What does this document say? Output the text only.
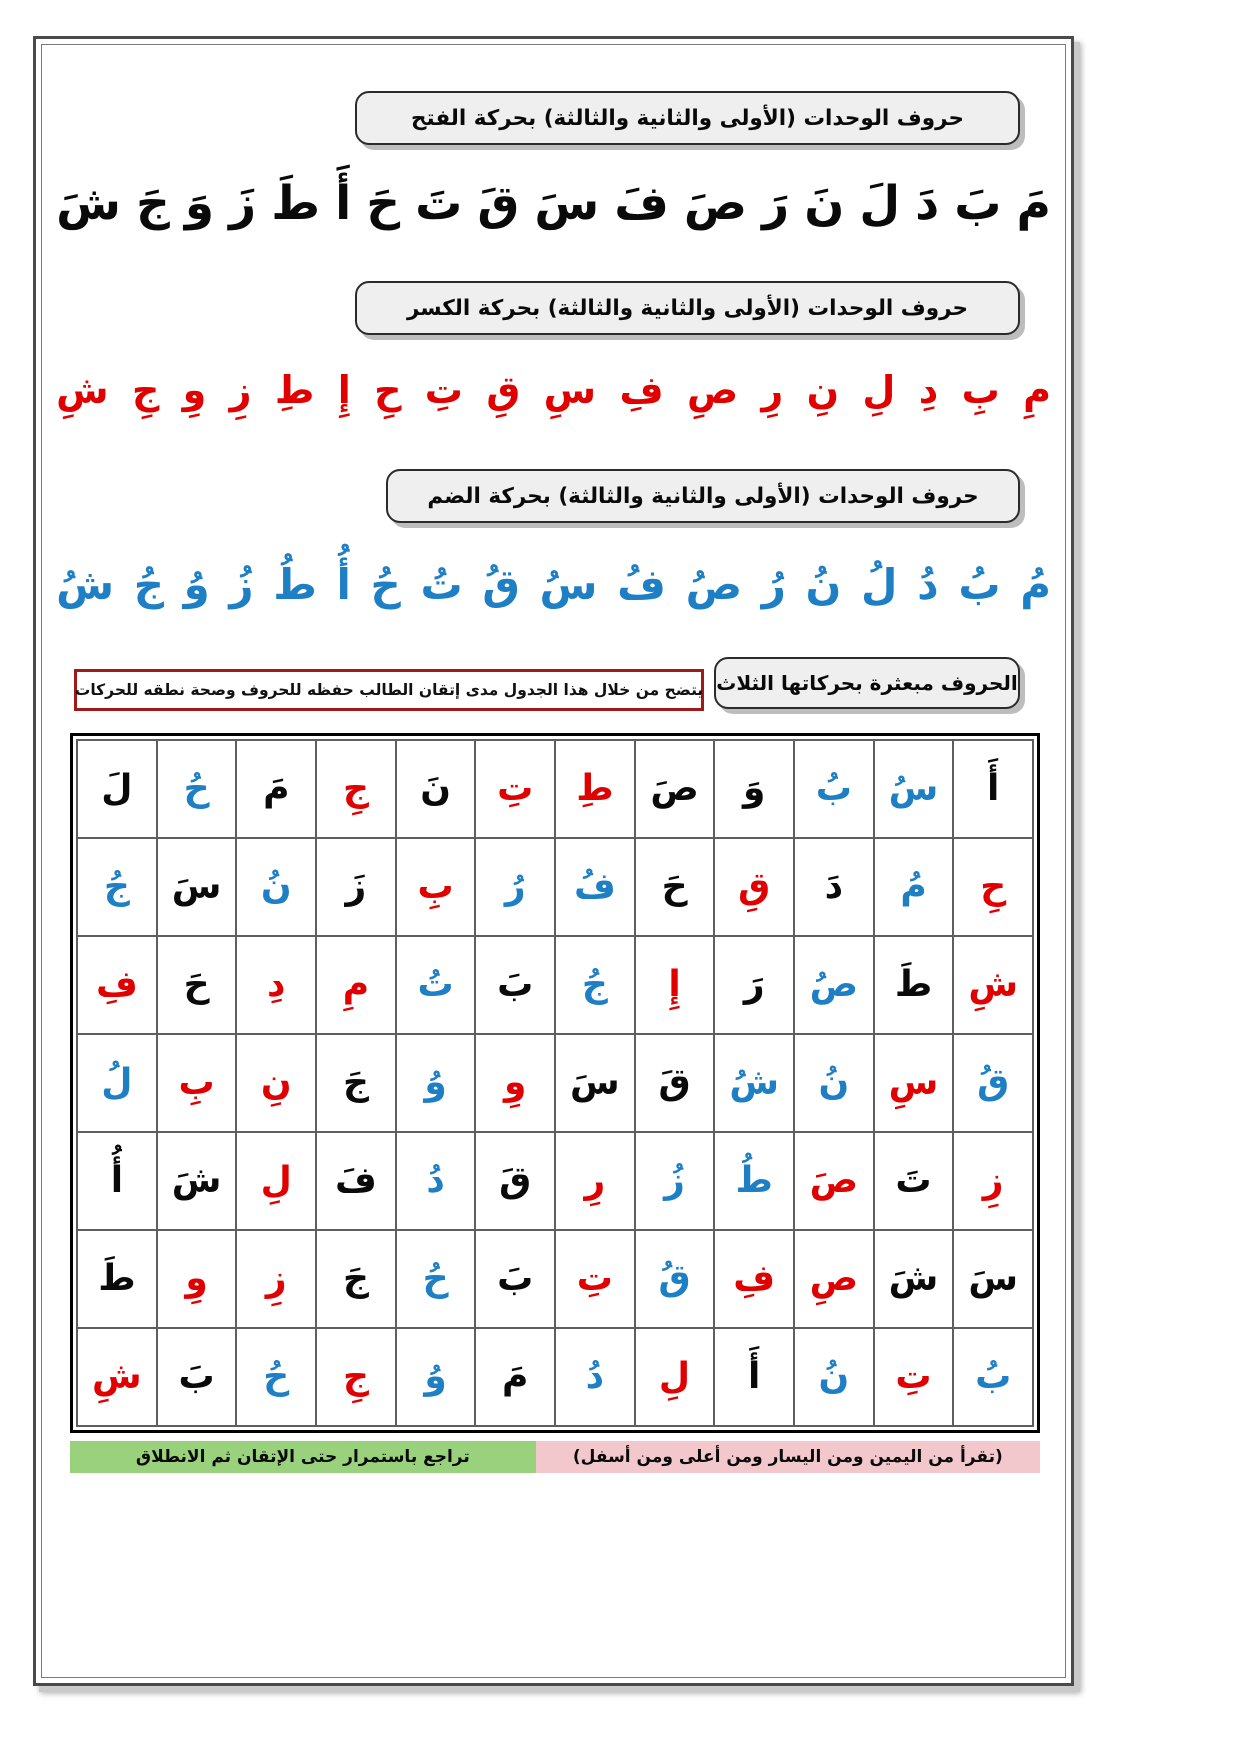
حروف الوحدات (الأولى والثانية والثالثة) بحركة الفتح
مَ
بَ
دَ
لَ
نَ
رَ
صَ
فَ
سَ
قَ
تَ
حَ
أَ
طَ
زَ
وَ
جَ
شَ
حروف الوحدات (الأولى والثانية والثالثة) بحركة الكسر
مِ
بِ
دِ
لِ
نِ
رِ
صِ
فِ
سِ
قِ
تِ
حِ
إِ
طِ
زِ
وِ
جِ
شِ
حروف الوحدات (الأولى والثانية والثالثة) بحركة الضم
مُ
بُ
دُ
لُ
نُ
رُ
صُ
فُ
سُ
قُ
تُ
حُ
أُ
طُ
زُ
وُ
جُ
شُ
الحروف مبعثرة بحركاتها الثلاث
يتضح من خلال هذا الجدول مدى إتقان الطالب حفظه للحروف وصحة نطقه للحركات
أَ	سُ	بُ	وَ	صَ	طِ	تِ	نَ	جِ	مَ	حُ	لَ
حِ	مُ	دَ	قِ	حَ	فُ	رُ	بِ	زَ	نُ	سَ	جُ
شِ	طَ	صُ	رَ	إِ	جُ	بَ	تُ	مِ	دِ	حَ	فِ
قُ	سِ	نُ	شُ	قَ	سَ	وِ	وُ	جَ	نِ	بِ	لُ
زِ	تَ	صَ	طُ	زُ	رِ	قَ	دُ	فَ	لِ	شَ	أُ
سَ	شَ	صِ	فِ	قُ	تِ	بَ	حُ	جَ	زِ	وِ	طَ
بُ	تِ	نُ	أَ	لِ	دُ	مَ	وُ	جِ	حُ	بَ	شِ
(تقرأ من اليمين ومن اليسار ومن أعلى ومن أسفل)
تراجع باستمرار حتى الإتقان ثم الانطلاق
